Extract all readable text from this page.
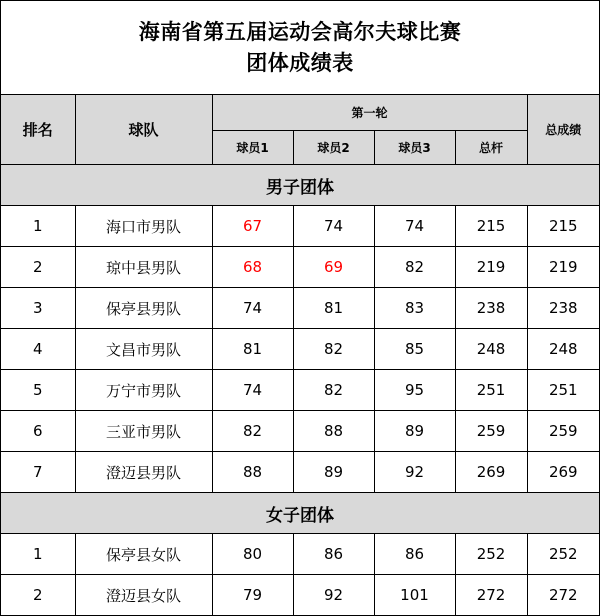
海南省第五届运动会高尔夫球比赛
团体成绩表
排名	球队	第一轮				总成绩
		球员1	球员2	球员3	总杆	
男子团体						
1	海口市男队	67	74	74	215	215
2	琼中县男队	68	69	82	219	219
3	保亭县男队	74	81	83	238	238
4	文昌市男队	81	82	85	248	248
5	万宁市男队	74	82	95	251	251
6	三亚市男队	82	88	89	259	259
7	澄迈县男队	88	89	92	269	269
女子团体						
1	保亭县女队	80	86	86	252	252
2	澄迈县女队	79	92	101	272	272
